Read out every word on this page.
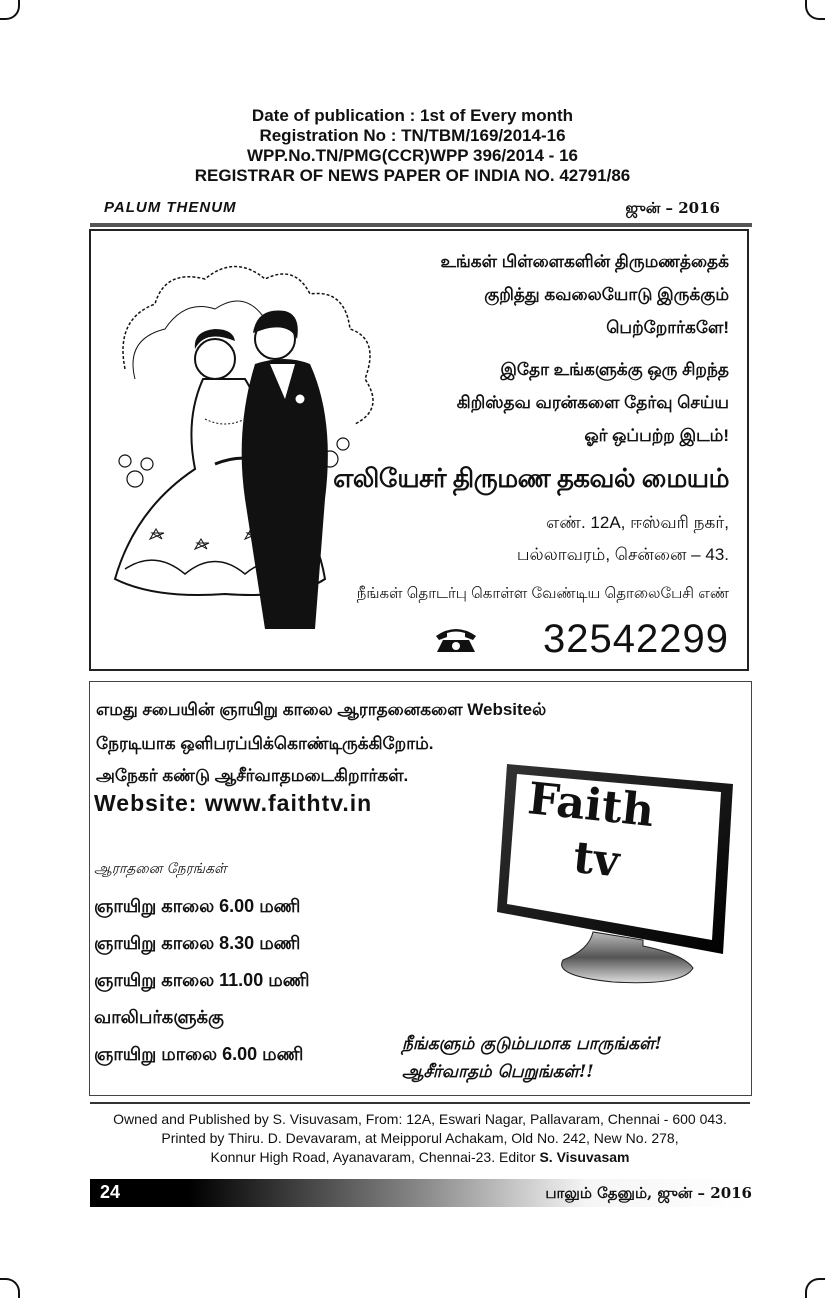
Date of publication : 1st of Every month
Registration No : TN/TBM/169/2014-16
WPP.No.TN/PMG(CCR)WPP 396/2014 - 16
REGISTRAR OF NEWS PAPER OF INDIA NO. 42791/86
PALUM THENUM	ஜுன் – 2016
உங்கள் பிள்ளைகளின் திருமணத்தைக்
குறித்து கவலையோடு இருக்கும்
பெற்றோர்களே!
இதோ உங்களுக்கு ஒரு சிறந்த
கிறிஸ்தவ வரன்களை தேர்வு செய்ய
ஓர் ஒப்பற்ற இடம்!
எலியேசர் திருமண தகவல் மையம்
எண். 12A, ஈஸ்வரி நகர்,
பல்லாவரம், சென்னை – 43.
நீங்கள் தொடர்பு கொள்ள வேண்டிய தொலைபேசி எண்
32542299
எமது சபையின் ஞாயிறு காலை ஆராதனைகளை Websiteல்
நேரடியாக ஒளிபரப்பிக்கொண்டிருக்கிறோம்.
அநேகர் கண்டு ஆசீர்வாதமடைகிறார்கள்.
Website: www.faithtv.in
ஆராதனை நேரங்கள்
ஞாயிறு காலை 6.00 மணி
ஞாயிறு காலை 8.30 மணி
ஞாயிறு காலை 11.00 மணி
வாலிபர்களுக்கு
ஞாயிறு மாலை 6.00 மணி
Faith
tv
நீங்களும் குடும்பமாக பாருங்கள்!
ஆசீர்வாதம் பெறுங்கள்!!
Owned and Published by S. Visuvasam, From: 12A, Eswari Nagar, Pallavaram, Chennai - 600 043.
Printed by Thiru. D. Devavaram, at Meipporul Achakam, Old No. 242, New No. 278,
Konnur High Road, Ayanavaram, Chennai-23. Editor S. Visuvasam
24	பாலும் தேனும், ஜுன் – 2016
